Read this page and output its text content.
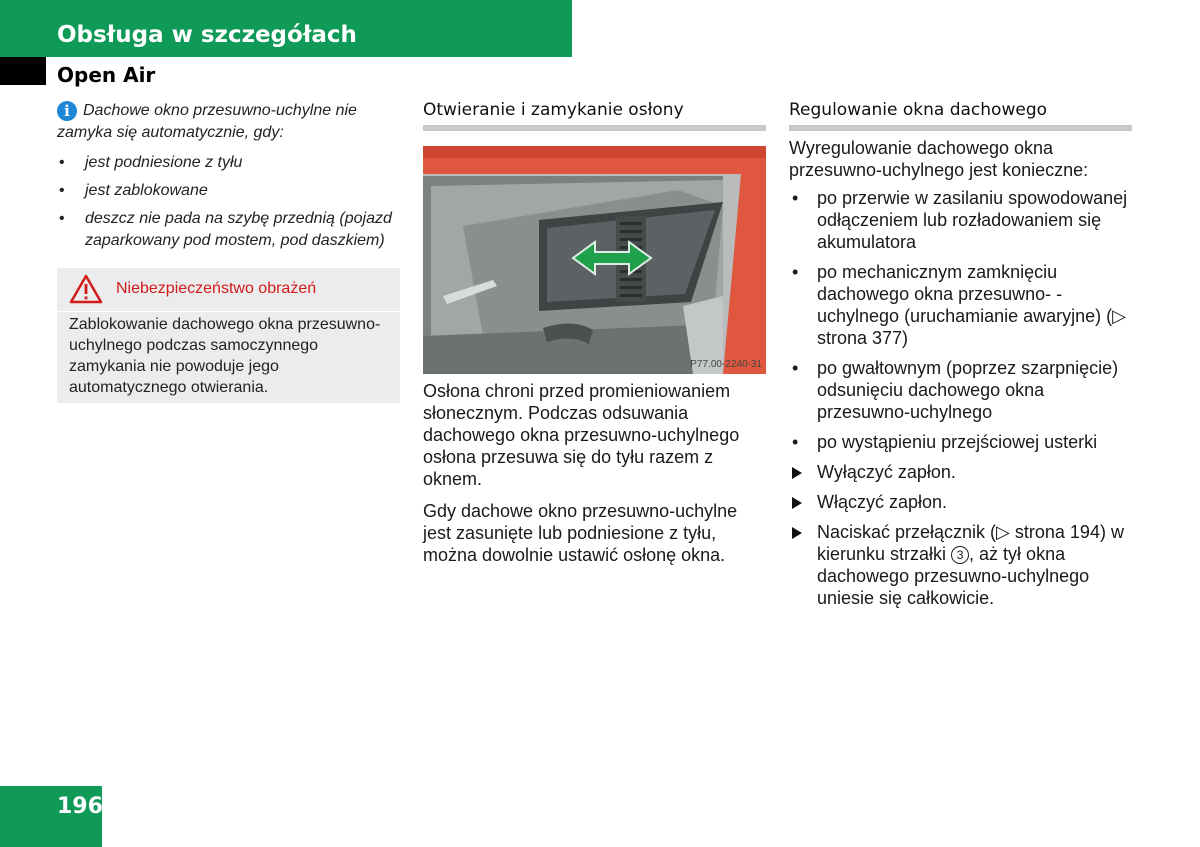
Obsługa w szczegółach
Open Air
i Dachowe okno przesuwno-uchylne nie zamyka się automatycznie, gdy:
• jest podniesione z tyłu
• jest zablokowane
• deszcz nie pada na szybę przednią (pojazd zaparkowany pod mostem, pod daszkiem)
Niebezpieczeństwo obrażeń
Zablokowanie dachowego okna przesuwno-uchylnego podczas samoczynnego zamykania nie powoduje jego automatycznego otwierania.
Otwieranie i zamykanie osłony
P77.00-2240-31

Osłona chroni przed promieniowaniem słonecznym. Podczas odsuwania dachowego okna przesuwno-uchylnego osłona przesuwa się do tyłu razem z oknem.

Gdy dachowe okno przesuwno-uchylne jest zasunięte lub podniesione z tyłu, można dowolnie ustawić osłonę okna.

Regulowanie okna dachowego
Wyregulowanie dachowego okna przesuwno-uchylnego jest konieczne:
• po przerwie w zasilaniu spowodowanej odłączeniem lub rozładowaniem się akumulatora
• po mechanicznym zamknięciu dachowego okna przesuwno- -uchylnego (uruchamianie awaryjne) (▷ strona 377)
• po gwałtownym (poprzez szarpnięcie) odsunięciu dachowego okna przesuwno-uchylnego
• po wystąpieniu przejściowej usterki
Wyłączyć zapłon.
Włączyć zapłon.
Naciskać przełącznik (▷ strona 194) w kierunku strzałki 3 , aż tył okna dachowego przesuwno-uchylnego uniesie się całkowicie.
196
